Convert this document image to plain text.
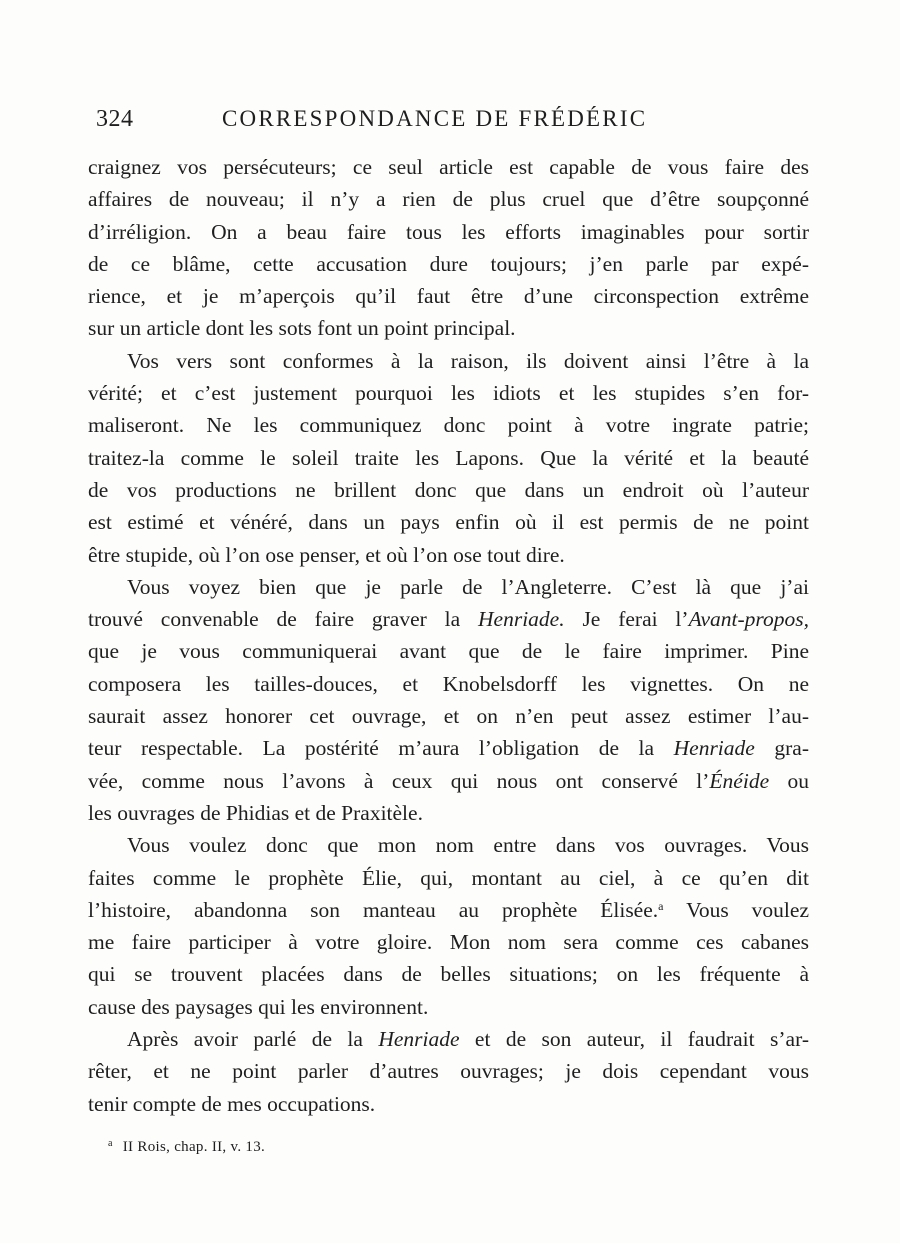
324	CORRESPONDANCE DE FRÉDÉRIC
craignez vos persécuteurs; ce seul article est capable de vous faire des
affaires de nouveau; il n’y a rien de plus cruel que d’être soupçonné
d’irréligion. On a beau faire tous les efforts imaginables pour sortir
de ce blâme, cette accusation dure toujours; j’en parle par expé-
rience, et je m’aperçois qu’il faut être d’une circonspection extrême
sur un article dont les sots font un point principal.
Vos vers sont conformes à la raison, ils doivent ainsi l’être à la
vérité; et c’est justement pourquoi les idiots et les stupides s’en for-
maliseront. Ne les communiquez donc point à votre ingrate patrie;
traitez-la comme le soleil traite les Lapons. Que la vérité et la beauté
de vos productions ne brillent donc que dans un endroit où l’auteur
est estimé et vénéré, dans un pays enfin où il est permis de ne point
être stupide, où l’on ose penser, et où l’on ose tout dire.
Vous voyez bien que je parle de l’Angleterre. C’est là que j’ai
trouvé convenable de faire graver la Henriade. Je ferai l’Avant-propos,
que je vous communiquerai avant que de le faire imprimer. Pine
composera les tailles-douces, et Knobelsdorff les vignettes. On ne
saurait assez honorer cet ouvrage, et on n’en peut assez estimer l’au-
teur respectable. La postérité m’aura l’obligation de la Henriade gra-
vée, comme nous l’avons à ceux qui nous ont conservé l’Énéide ou
les ouvrages de Phidias et de Praxitèle.
Vous voulez donc que mon nom entre dans vos ouvrages. Vous
faites comme le prophète Élie, qui, montant au ciel, à ce qu’en dit
l’histoire, abandonna son manteau au prophète Élisée.$^a$ Vous voulez
me faire participer à votre gloire. Mon nom sera comme ces cabanes
qui se trouvent placées dans de belles situations; on les fréquente à
cause des paysages qui les environnent.
Après avoir parlé de la Henriade et de son auteur, il faudrait s’ar-
rêter, et ne point parler d’autres ouvrages; je dois cependant vous
tenir compte de mes occupations.
$^a$ II Rois, chap. II, v. 13.
